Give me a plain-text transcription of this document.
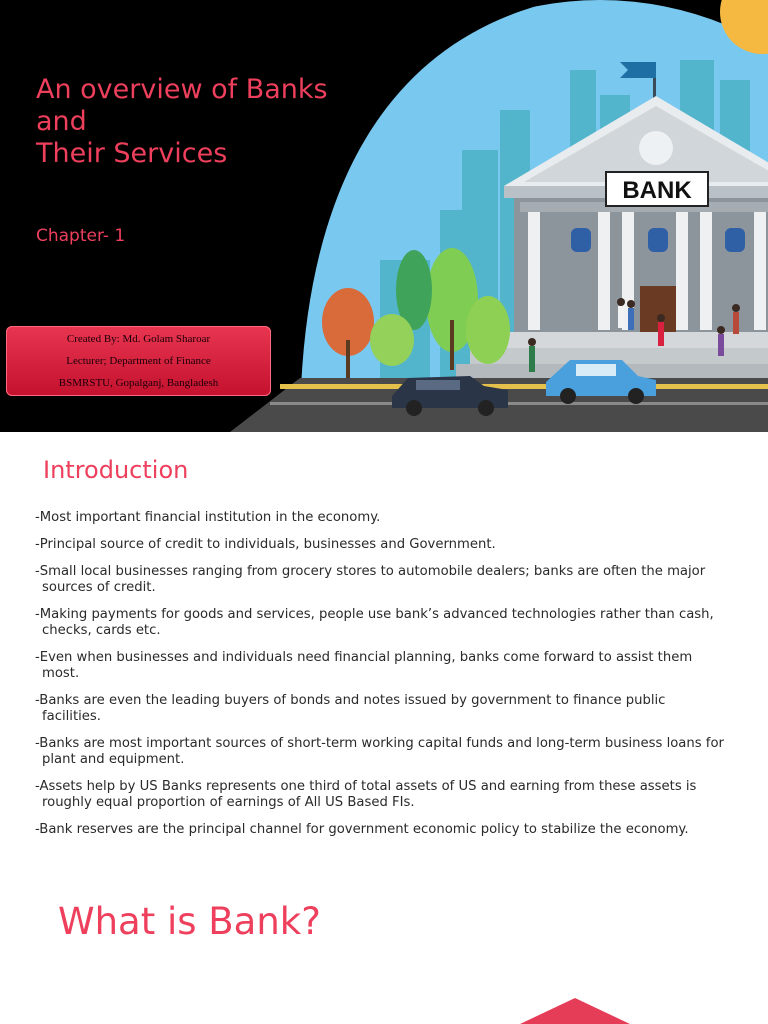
BANK
An overview of Banks and
Their Services
Chapter- 1
Created By: Md. Golam Sharoar
Lecturer; Department of Finance
BSMRSTU, Gopalganj, Bangladesh
Introduction
-Most important financial institution in the economy.
-Principal source of credit to individuals, businesses and Government.
-Small local businesses ranging from grocery stores to automobile dealers; banks are often the major sources of credit.
-Making payments for goods and services, people use bank’s advanced technologies rather than cash, checks, cards etc.
-Even when businesses and individuals need financial planning, banks come forward to assist them most.
-Banks are even the leading buyers of bonds and notes issued by government to finance public facilities.
-Banks are most important sources of short-term working capital funds and long-term business loans for plant and equipment.
-Assets help by US Banks represents one third of total assets of US and earning from these assets is roughly equal proportion of earnings of All US Based FIs.
-Bank reserves are the principal channel for government economic policy to stabilize the economy.
What is Bank?
